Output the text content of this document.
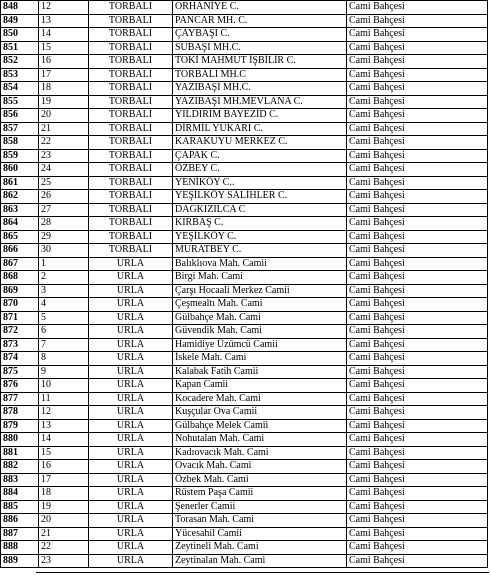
848	12	TORBALI	ORHANİYE C.	Cami Bahçesi
849	13	TORBALI	PANCAR MH. C.	Cami Bahçesi
850	14	TORBALI	ÇAYBAŞI C.	Cami Bahçesi
851	15	TORBALI	SUBAŞI MH.C.	Cami Bahçesi
852	16	TORBALI	TOKİ MAHMUT İŞBİLİR C.	Cami Bahçesi
853	17	TORBALI	TORBALI MH.C	Cami Bahçesi
854	18	TORBALI	YAZIBAŞI MH.C.	Cami Bahçesi
855	19	TORBALI	YAZIBAŞI MH.MEVLANA C.	Cami Bahçesi
856	20	TORBALI	YILDIRIM BAYEZİD C.	Cami Bahçesi
857	21	TORBALI	DİRMİL YUKARI C.	Cami Bahçesi
858	22	TORBALI	KARAKUYU MERKEZ C.	Cami Bahçesi
859	23	TORBALI	ÇAPAK C.	Cami Bahçesi
860	24	TORBALI	ÖZBEY C.	Cami Bahçesi
861	25	TORBALI	YENİKÖY C..	Cami Bahçesi
862	26	TORBALI	YEŞİLKÖY SALİHLER C.	Cami Bahçesi
863	27	TORBALI	DAĞKIZILCA C	Cami Bahçesi
864	28	TORBALI	KIRBAŞ C.	Cami Bahçesi
865	29	TORBALI	YEŞİLKÖY C.	Cami Bahçesi
866	30	TORBALI	MURATBEY C.	Cami Bahçesi
867	1	URLA	Balıklıova Mah. Camii	Cami Bahçesi
868	2	URLA	Birgi Mah. Cami	Cami Bahçesi
869	3	URLA	Çarşı Hocaali Merkez Camii	Cami Bahçesi
870	4	URLA	Çeşmealtı Mah. Cami	Cami Bahçesi
871	5	URLA	Gülbahçe Mah. Cami	Cami Bahçesi
872	6	URLA	Güvendik Mah. Cami	Cami Bahçesi
873	7	URLA	Hamidiye Üzümcü Camii	Cami Bahçesi
874	8	URLA	İskele Mah. Cami	Cami Bahçesi
875	9	URLA	Kalabak Fatih Camii	Cami Bahçesi
876	10	URLA	Kapan Camii	Cami Bahçesi
877	11	URLA	Kocadere Mah. Cami	Cami Bahçesi
878	12	URLA	Kuşçular Ova Camii	Cami Bahçesi
879	13	URLA	Gülbahçe Melek Camii	Cami Bahçesi
880	14	URLA	Nohutalan Mah. Cami	Cami Bahçesi
881	15	URLA	Kadıovacık Mah. Cami	Cami Bahçesi
882	16	URLA	Ovacık Mah. Cami	Cami Bahçesi
883	17	URLA	Özbek Mah. Cami	Cami Bahçesi
884	18	URLA	Rüstem Paşa Camii	Cami Bahçesi
885	19	URLA	Şenerler Camii	Cami Bahçesi
886	20	URLA	Torasan Mah. Cami	Cami Bahçesi
887	21	URLA	Yücesahil Camii	Cami Bahçesi
888	22	URLA	Zeytineli Mah. Cami	Cami Bahçesi
889	23	URLA	Zeytinalan Mah. Cami	Cami Bahçesi
